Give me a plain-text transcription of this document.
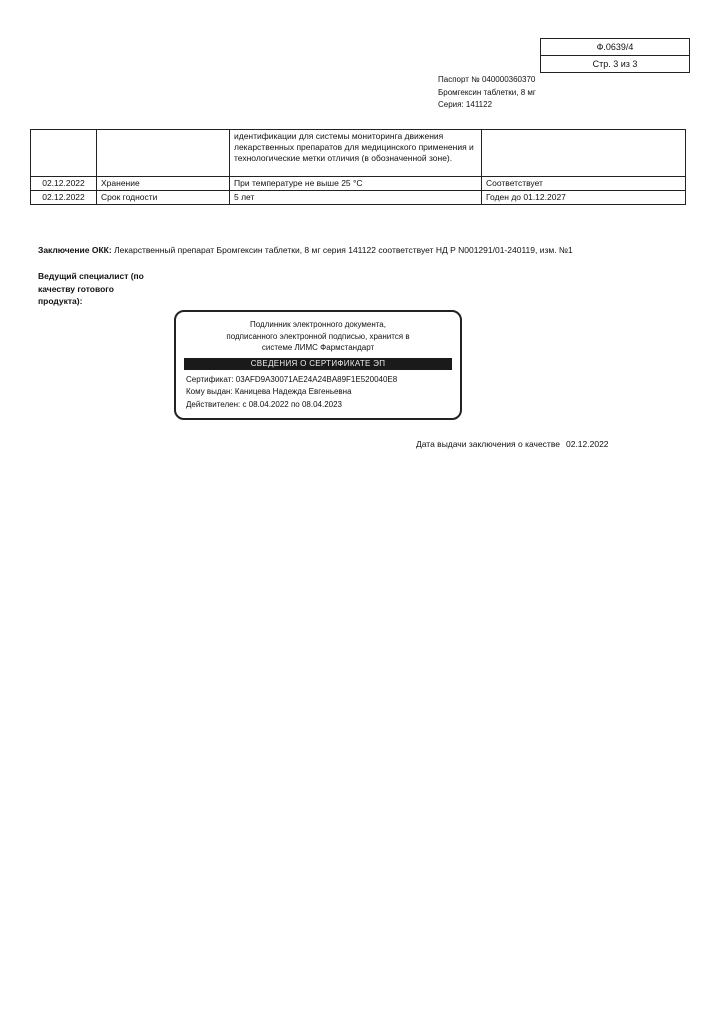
Ф.0639/4
Стр. 3 из 3
Паспорт № 040000360370
Бромгексин таблетки, 8 мг
Серия: 141122
		идентификации для системы мониторинга движения лекарственных препаратов для медицинского применения и технологические метки отличия (в обозначенной зоне).	
02.12.2022	Хранение	При температуре не выше 25 °С	Соответствует
02.12.2022	Срок годности	5 лет	Годен до 01.12.2027
Заключение ОКК: Лекарственный препарат Бромгексин таблетки, 8 мг серия 141122 соответствует НД Р N001291/01-240119, изм. №1
Ведущий специалист (по качеству готового продукта):
Подлинник электронного документа,
подписанного электронной подписью, хранится в
системе ЛИМС Фармстандарт
СВЕДЕНИЯ О СЕРТИФИКАТЕ ЭП
Сертификат: 03AFD9A30071AE24A24BA89F1E520040E8
Кому выдан: Каницева Надежда Евгеньевна
Действителен: с 08.04.2022 по 08.04.2023
Дата выдачи заключения о качестве 02.12.2022
